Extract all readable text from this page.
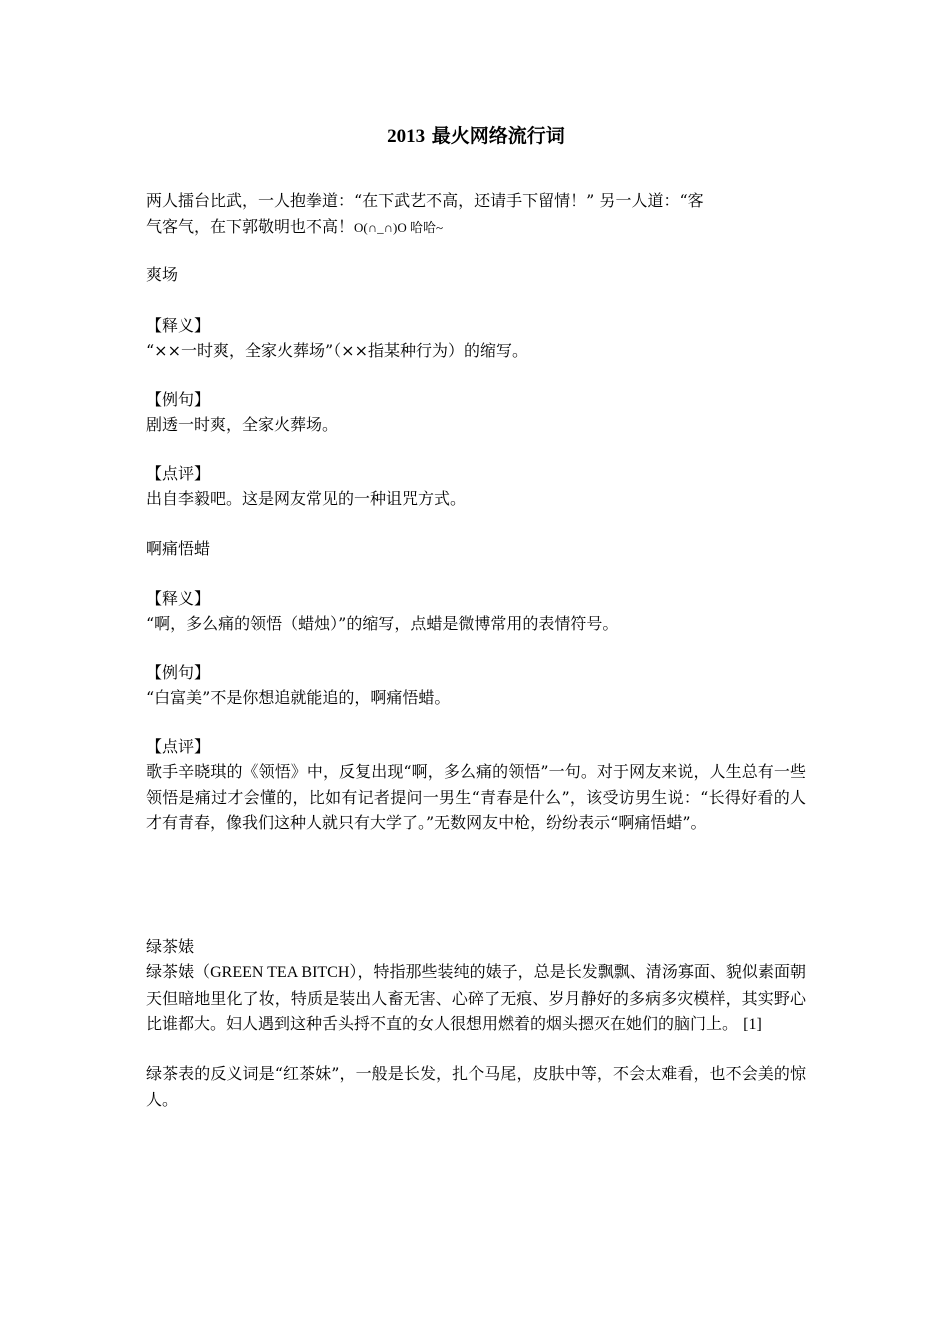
2013 最火网络流行词

两人擂台比武，一人抱拳道：“在下武艺不高，还请手下留情！” 另一人道：“客
气客气，在下郭敬明也不高！O(∩_∩)O 哈哈~

爽场

【释义】

“××一时爽，全家火葬场”（××指某种行为）的缩写。

【例句】

剧透一时爽，全家火葬场。

【点评】

出自李毅吧。这是网友常见的一种诅咒方式。

啊痛悟蜡

【释义】

“啊，多么痛的领悟（蜡烛）”的缩写，点蜡是微博常用的表情符号。

【例句】

“白富美”不是你想追就能追的，啊痛悟蜡。

【点评】

歌手辛晓琪的《领悟》中，反复出现“啊，多么痛的领悟”一句。对于网友来说，人生总有一些领悟是痛过才会懂的，比如有记者提问一男生“青春是什么”，该受访男生说：“长得好看的人才有青春，像我们这种人就只有大学了。”无数网友中枪，纷纷表示“啊痛悟蜡”。

绿茶婊

绿茶婊（GREEN TEA BITCH），特指那些装纯的婊子，总是长发飘飘、清汤寡面、貌似素面朝天但暗地里化了妆，特质是装出人畜无害、心碎了无痕、岁月静好的多病多灾模样，其实野心比谁都大。妇人遇到这种舌头捋不直的女人很想用燃着的烟头摁灭在她们的脑门上。 [1]

绿茶表的反义词是“红茶妹”，一般是长发，扎个马尾，皮肤中等，不会太难看，也不会美的惊人。
